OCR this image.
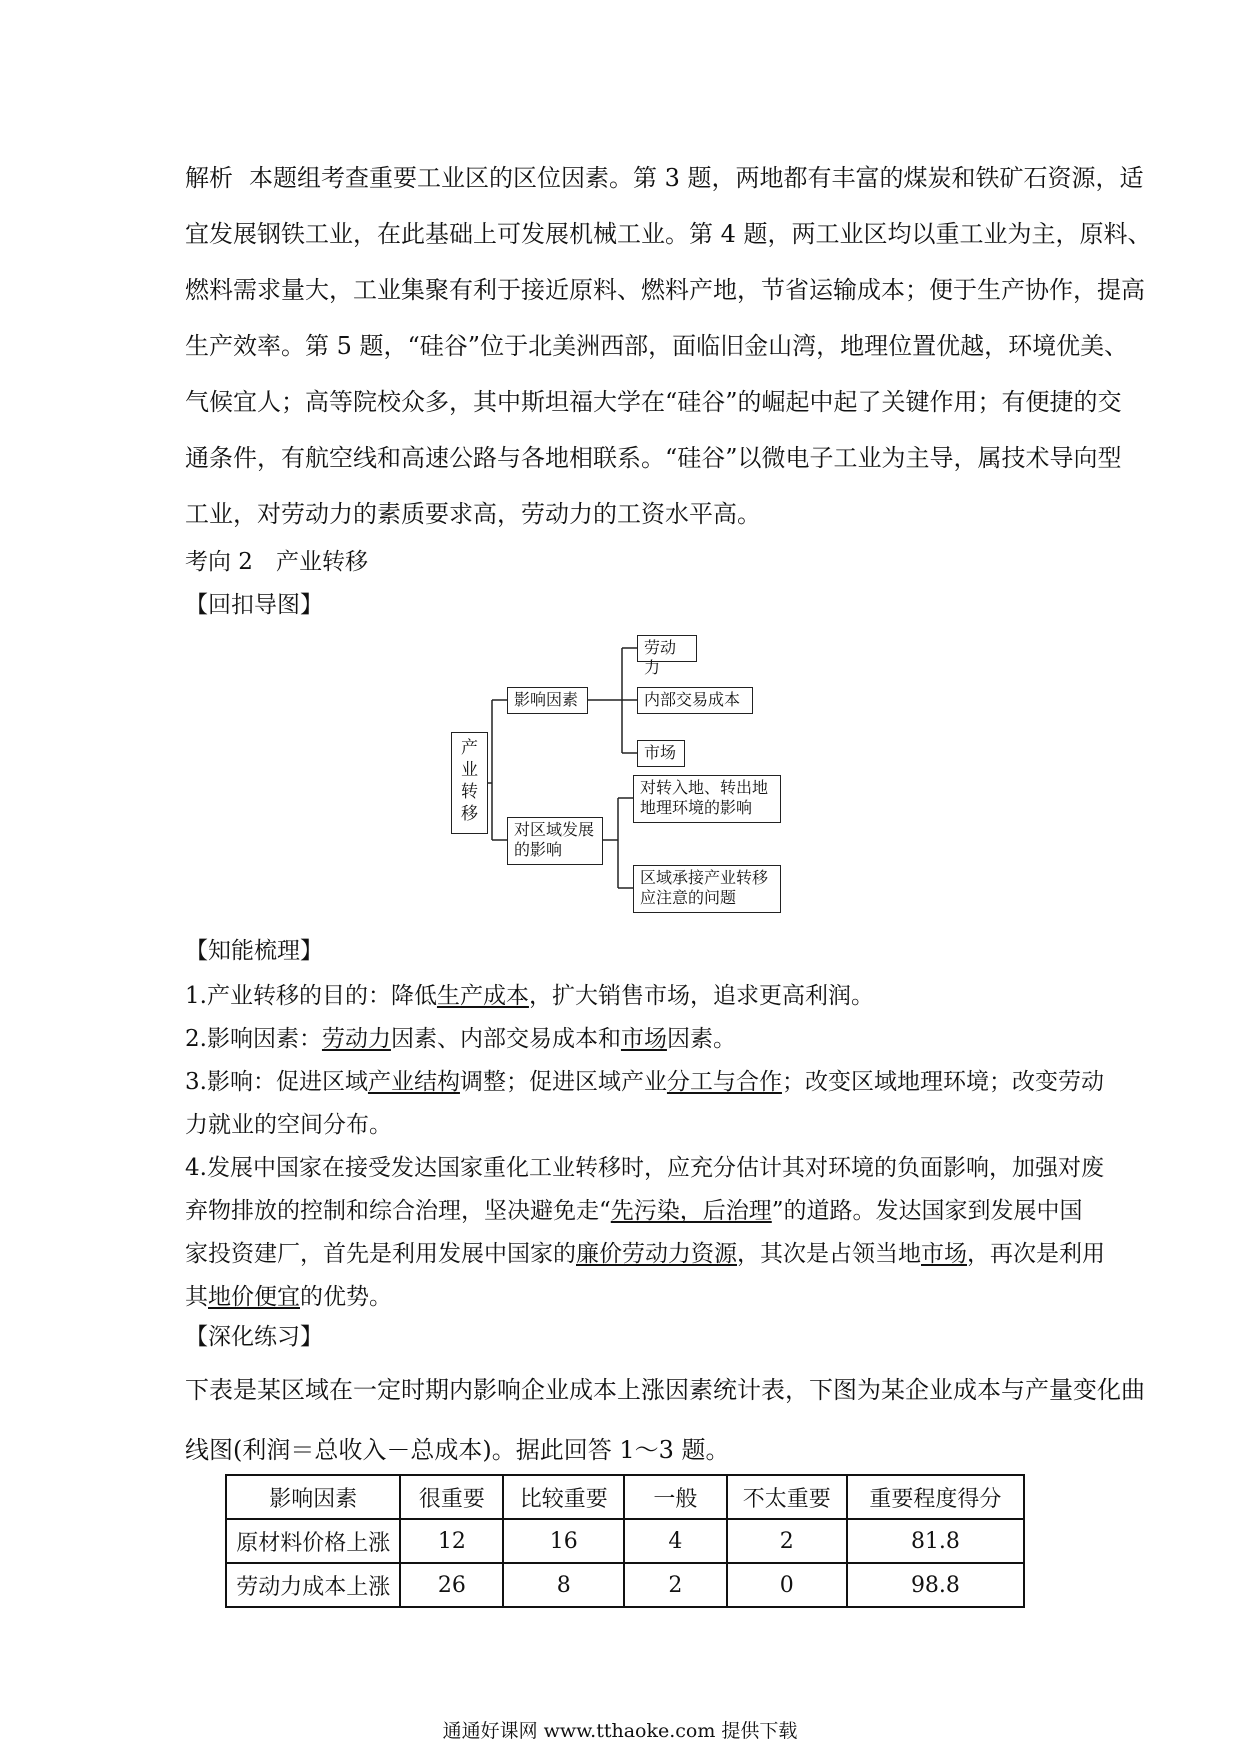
解析 本题组考查重要工业区的区位因素。第 3 题，两地都有丰富的煤炭和铁矿石资源，适
宜发展钢铁工业，在此基础上可发展机械工业。第 4 题，两工业区均以重工业为主，原料、
燃料需求量大，工业集聚有利于接近原料、燃料产地，节省运输成本；便于生产协作，提高
生产效率。第 5 题，“硅谷”位于北美洲西部，面临旧金山湾，地理位置优越，环境优美、
气候宜人；高等院校众多，其中斯坦福大学在“硅谷”的崛起中起了关键作用；有便捷的交
通条件，有航空线和高速公路与各地相联系。“硅谷”以微电子工业为主导，属技术导向型
工业，对劳动力的素质要求高，劳动力的工资水平高。
考向 2　产业转移
【回扣导图】
产业转移
影响因素
劳动力
内部交易成本
市场
对区域发展
的影响
对转入地、转出地
地理环境的影响
区域承接产业转移
应注意的问题
【知能梳理】
1.产业转移的目的：降低生产成本，扩大销售市场，追求更高利润。
2.影响因素：劳动力因素、内部交易成本和市场因素。
3.影响：促进区域产业结构调整；促进区域产业分工与合作；改变区域地理环境；改变劳动
力就业的空间分布。
4.发展中国家在接受发达国家重化工业转移时，应充分估计其对环境的负面影响，加强对废
弃物排放的控制和综合治理，坚决避免走“先污染，后治理”的道路。发达国家到发展中国
家投资建厂，首先是利用发展中国家的廉价劳动力资源，其次是占领当地市场，再次是利用
其地价便宜的优势。
【深化练习】
下表是某区域在一定时期内影响企业成本上涨因素统计表，下图为某企业成本与产量变化曲
线图(利润＝总收入－总成本)。据此回答 1～3 题。
影响因素	很重要	比较重要	一般	不太重要	重要程度得分
原材料价格上涨	12	16	4	2	81.8
劳动力成本上涨	26	8	2	0	98.8
通通好课网 www.tthaoke.com 提供下载
